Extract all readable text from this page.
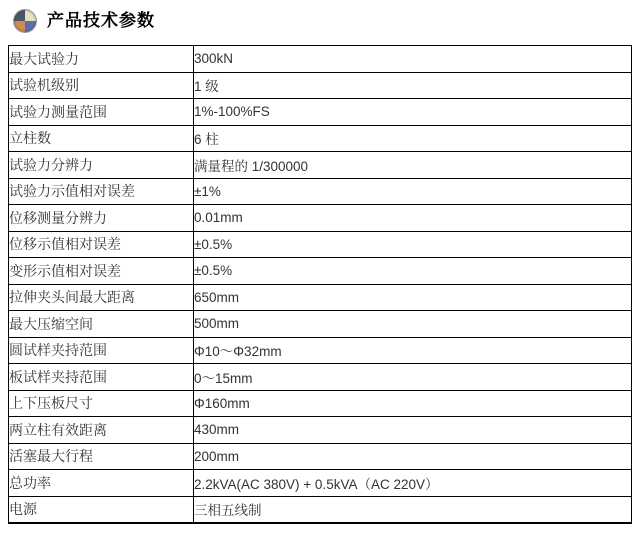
产品技术参数
最大试验力	300kN
试验机级别	1 级
试验力测量范围	1%-100%FS
立柱数	6 柱
试验力分辨力	满量程的 1/300000
试验力示值相对误差	±1%
位移测量分辨力	0.01mm
位移示值相对误差	±0.5%
变形示值相对误差	±0.5%
拉伸夹头间最大距离	650mm
最大压缩空间	500mm
圆试样夹持范围	Φ10～Φ32mm
板试样夹持范围	0～15mm
上下压板尺寸	Φ160mm
两立柱有效距离	430mm
活塞最大行程	200mm
总功率	2.2kVA(AC 380V) + 0.5kVA（AC 220V）
电源	三相五线制
